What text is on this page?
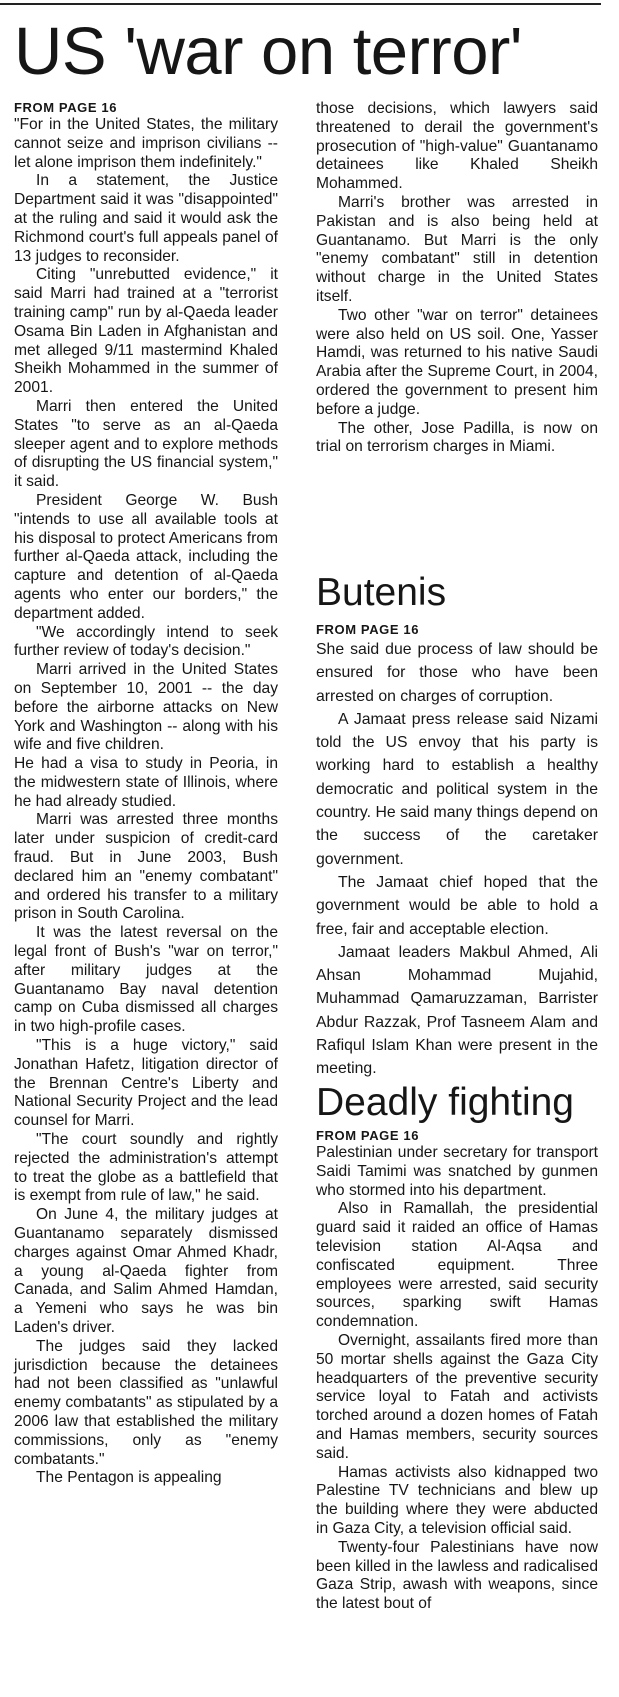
US 'war on terror'
FROM PAGE 16

"For in the United States, the military cannot seize and imprison civilians -- let alone imprison them indefinitely."

In a statement, the Justice Department said it was "disappointed" at the ruling and said it would ask the Richmond court's full appeals panel of 13 judges to reconsider.

Citing "unrebutted evidence," it said Marri had trained at a "terrorist training camp" run by al-Qaeda leader Osama Bin Laden in Afghanistan and met alleged 9/11 mastermind Khaled Sheikh Mohammed in the summer of 2001.

Marri then entered the United States "to serve as an al-Qaeda sleeper agent and to explore methods of disrupting the US financial system," it said.

President George W. Bush "intends to use all available tools at his disposal to protect Americans from further al-Qaeda attack, including the capture and detention of al-Qaeda agents who enter our borders," the department added.

"We accordingly intend to seek further review of today's decision."

Marri arrived in the United States on September 10, 2001 -- the day before the airborne attacks on New York and Washington -- along with his wife and five children.

He had a visa to study in Peoria, in the midwestern state of Illinois, where he had already studied.

Marri was arrested three months later under suspicion of credit-card fraud. But in June 2003, Bush declared him an "enemy combatant" and ordered his transfer to a military prison in South Carolina.

It was the latest reversal on the legal front of Bush's "war on terror," after military judges at the Guantanamo Bay naval detention camp on Cuba dismissed all charges in two high-profile cases.

"This is a huge victory," said Jonathan Hafetz, litigation director of the Brennan Centre's Liberty and National Security Project and the lead counsel for Marri.

"The court soundly and rightly rejected the administration's attempt to treat the globe as a battlefield that is exempt from rule of law," he said.

On June 4, the military judges at Guantanamo separately dismissed charges against Omar Ahmed Khadr, a young al-Qaeda fighter from Canada, and Salim Ahmed Hamdan, a Yemeni who says he was bin Laden's driver.

The judges said they lacked jurisdiction because the detainees had not been classified as "unlawful enemy combatants" as stipulated by a 2006 law that established the military commissions, only as "enemy combatants."

The Pentagon is appealing

those decisions, which lawyers said threatened to derail the government's prosecution of "high-value" Guantanamo detainees like Khaled Sheikh Mohammed.

Marri's brother was arrested in Pakistan and is also being held at Guantanamo. But Marri is the only "enemy combatant" still in detention without charge in the United States itself.

Two other "war on terror" detainees were also held on US soil. One, Yasser Hamdi, was returned to his native Saudi Arabia after the Supreme Court, in 2004, ordered the government to present him before a judge.

The other, Jose Padilla, is now on trial on terrorism charges in Miami.

Butenis
FROM PAGE 16

She said due process of law should be ensured for those who have been arrested on charges of corruption.

A Jamaat press release said Nizami told the US envoy that his party is working hard to establish a healthy democratic and political system in the country. He said many things depend on the success of the caretaker government.

The Jamaat chief hoped that the government would be able to hold a free, fair and acceptable election.

Jamaat leaders Makbul Ahmed, Ali Ahsan Mohammad Mujahid, Muhammad Qamaruzzaman, Barrister Abdur Razzak, Prof Tasneem Alam and Rafiqul Islam Khan were present in the meeting.

Deadly fighting
FROM PAGE 16

Palestinian under secretary for transport Saidi Tamimi was snatched by gunmen who stormed into his department.

Also in Ramallah, the presidential guard said it raided an office of Hamas television station Al-Aqsa and confiscated equipment. Three employees were arrested, said security sources, sparking swift Hamas condemnation.

Overnight, assailants fired more than 50 mortar shells against the Gaza City headquarters of the preventive security service loyal to Fatah and activists torched around a dozen homes of Fatah and Hamas members, security sources said.

Hamas activists also kidnapped two Palestine TV technicians and blew up the building where they were abducted in Gaza City, a television official said.

Twenty-four Palestinians have now been killed in the lawless and radicalised Gaza Strip, awash with weapons, since the latest bout of
